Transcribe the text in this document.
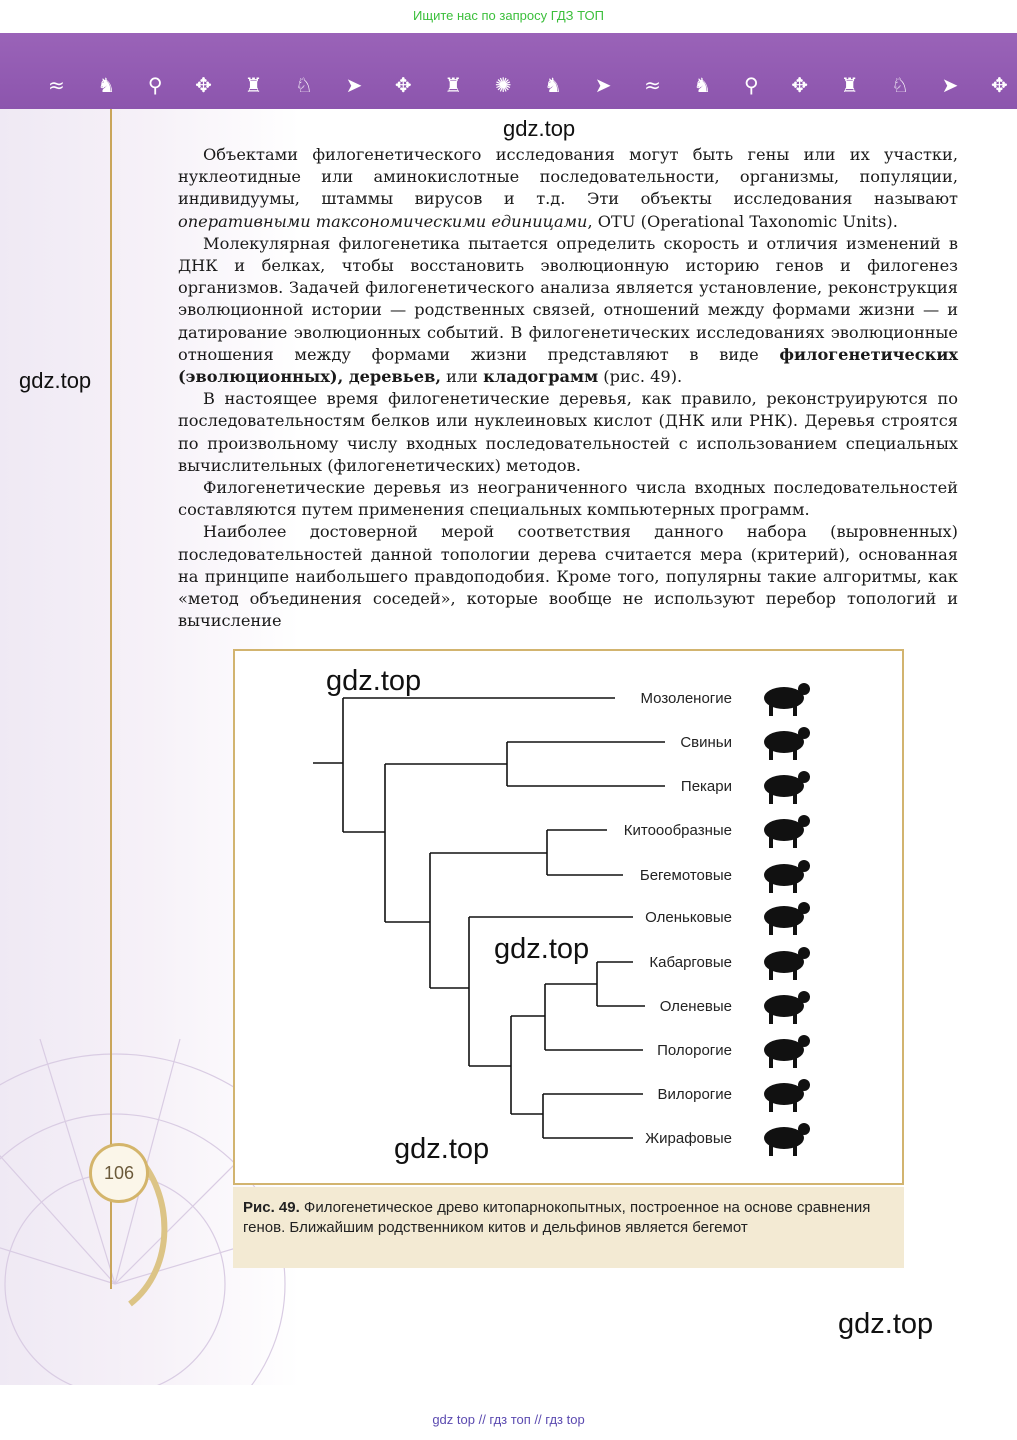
Ищите нас по запросу ГДЗ ТОП
≈ ♞ ⚲ ✥ ♜ ♘ ➤ ✥ ♜ ✺ ♞ ➤ ≈ ♞ ⚲ ✥ ♜ ♘ ➤ ✥
106

Объектами филогенетического исследования могут быть гены или их участки, нуклеотидные или аминокислотные последовательности, организмы, популяции, индивидуумы, штаммы вирусов и т.д. Эти объекты исследования называют оперативными таксономическими единицами, OTU (Operational Taxonomic Units).

Молекулярная филогенетика пытается определить скорость и отличия изменений в ДНК и белках, чтобы восстановить эволюционную историю генов и филогенез организмов. Задачей филогенетического анализа является установление, реконструкция эволюционной истории — родственных связей, отношений между формами жизни — и датирование эволюционных событий. В филогенетических исследованиях эволюционные отношения между формами жизни представляют в виде филогенетических (эволюционных), деревьев, или кладограмм (рис. 49).

В настоящее время филогенетические деревья, как правило, реконструируются по последовательностям белков или нуклеиновых кислот (ДНК или РНК). Деревья строятся по произвольному числу входных последовательностей с использованием специальных вычислительных (филогенетических) методов.

Филогенетические деревья из неограниченного числа входных последовательностей составляются путем применения специальных компьютерных программ.

Наиболее достоверной мерой соответствия данного набора (выровненных) последовательностей данной топологии дерева считается мера (критерий), основанная на принципе наибольшего правдоподобия. Кроме того, популярны такие алгоритмы, как «метод объединения соседей», которые вообще не используют перебор топологий и вычисление

Мозоленогие
Свиньи
Пекари
Китоообразные
Бегемотовые
Оленьковые
Кабарговые
Оленевые
Полорогие
Вилорогие
Жирафовые
Рис. 49. Филогенетическое древо китопарнокопытных, построенное на основе сравнения генов. Ближайшим родственником китов и дельфинов является бегемот
gdz.top
gdz.top
gdz.top
gdz.top
gdz.top
gdz.top
gdz top // гдз топ // гдз top
